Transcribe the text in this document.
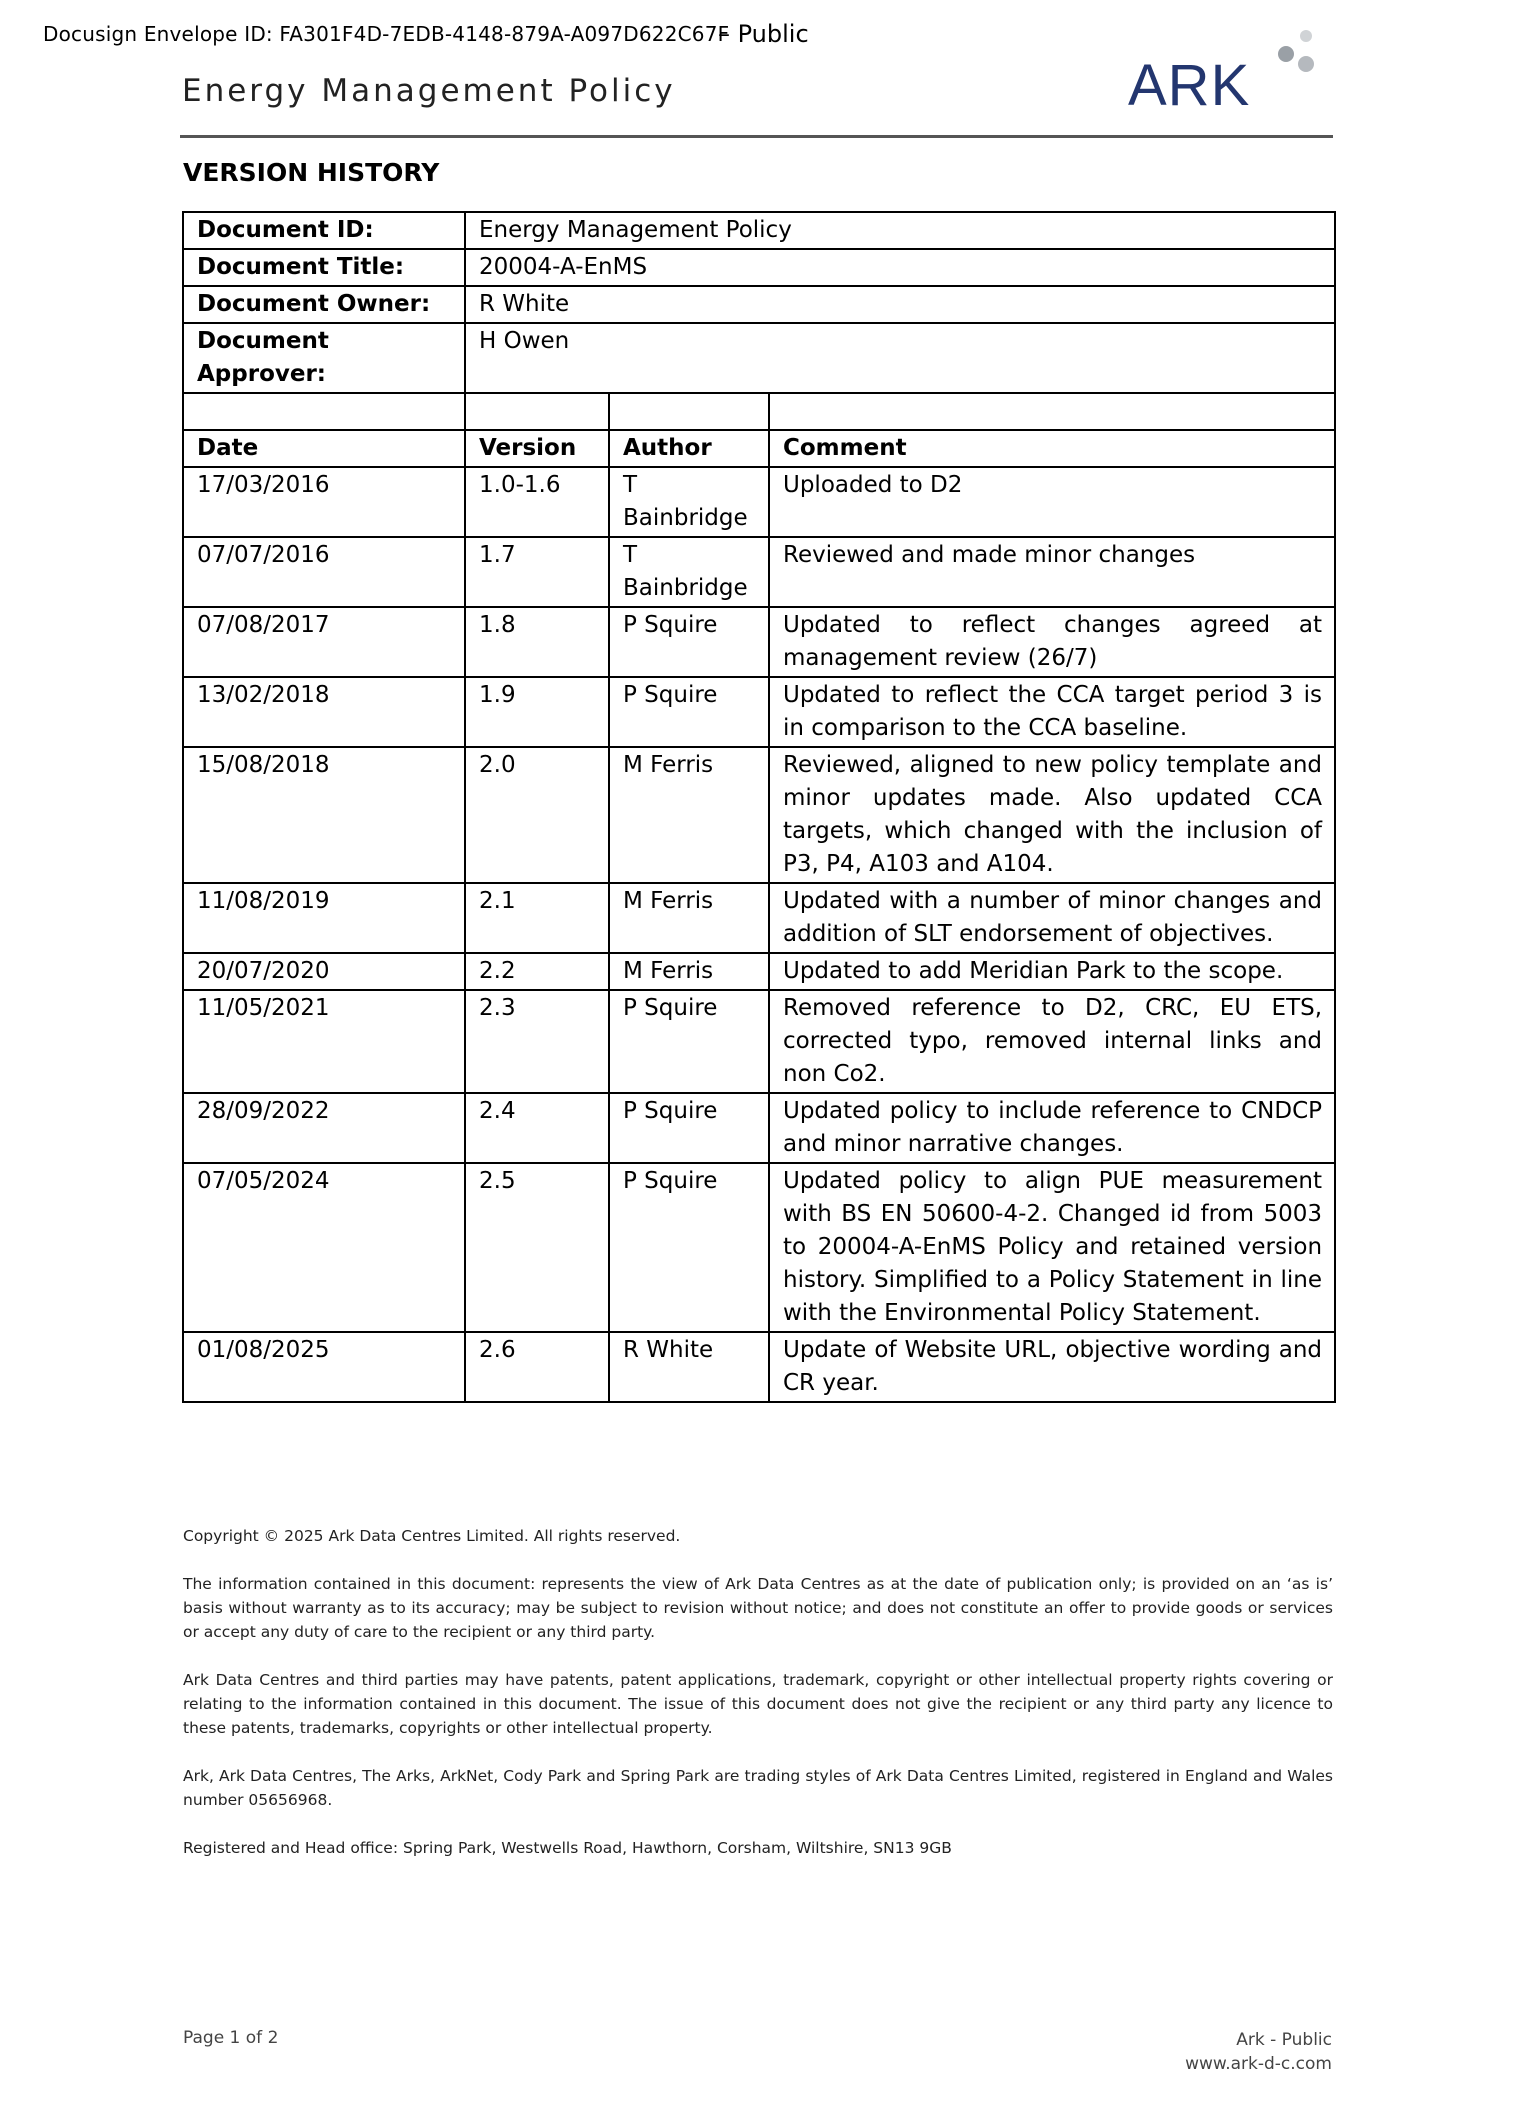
Docusign Envelope ID: FA301F4D-7EDB-4148-879A-A097D622C67F
– Public
Energy Management Policy	ARK
VERSION HISTORY
Document ID:	Energy Management Policy		
Document Title:	20004-A-EnMS		
Document Owner:	R White		
Document Approver:	H Owen		

Date	Version	Author	Comment
17/03/2016	1.0-1.6	T Bainbridge	Uploaded to D2
07/07/2016	1.7	T Bainbridge	Reviewed and made minor changes
07/08/2017	1.8	P Squire	Updated to reflect changes agreed at management review (26/7)
13/02/2018	1.9	P Squire	Updated to reflect the CCA target period 3 is in comparison to the CCA baseline.
15/08/2018	2.0	M Ferris	Reviewed, aligned to new policy template and minor updates made. Also updated CCA targets, which changed with the inclusion of P3, P4, A103 and A104.
11/08/2019	2.1	M Ferris	Updated with a number of minor changes and addition of SLT endorsement of objectives.
20/07/2020	2.2	M Ferris	Updated to add Meridian Park to the scope.
11/05/2021	2.3	P Squire	Removed reference to D2, CRC, EU ETS, corrected typo, removed internal links and non Co2.
28/09/2022	2.4	P Squire	Updated policy to include reference to CNDCP and minor narrative changes.
07/05/2024	2.5	P Squire	Updated policy to align PUE measurement with BS EN 50600-4-2. Changed id from 5003 to 20004-A-EnMS Policy and retained version history. Simplified to a Policy Statement in line with the Environmental Policy Statement.
01/08/2025	2.6	R White	Update of Website URL, objective wording and CR year.

Copyright © 2025 Ark Data Centres Limited. All rights reserved.

The information contained in this document: represents the view of Ark Data Centres as at the date of publication only; is provided on an ‘as is’ basis without warranty as to its accuracy; may be subject to revision without notice; and does not constitute an offer to provide goods or services or accept any duty of care to the recipient or any third party.

Ark Data Centres and third parties may have patents, patent applications, trademark, copyright or other intellectual property rights covering or relating to the information contained in this document. The issue of this document does not give the recipient or any third party any licence to these patents, trademarks, copyrights or other intellectual property.

Ark, Ark Data Centres, The Arks, ArkNet, Cody Park and Spring Park are trading styles of Ark Data Centres Limited, registered in England and Wales number 05656968.

Registered and Head office: Spring Park, Westwells Road, Hawthorn, Corsham, Wiltshire, SN13 9GB

Page 1 of 2	Ark - Public
www.ark-d-c.com
